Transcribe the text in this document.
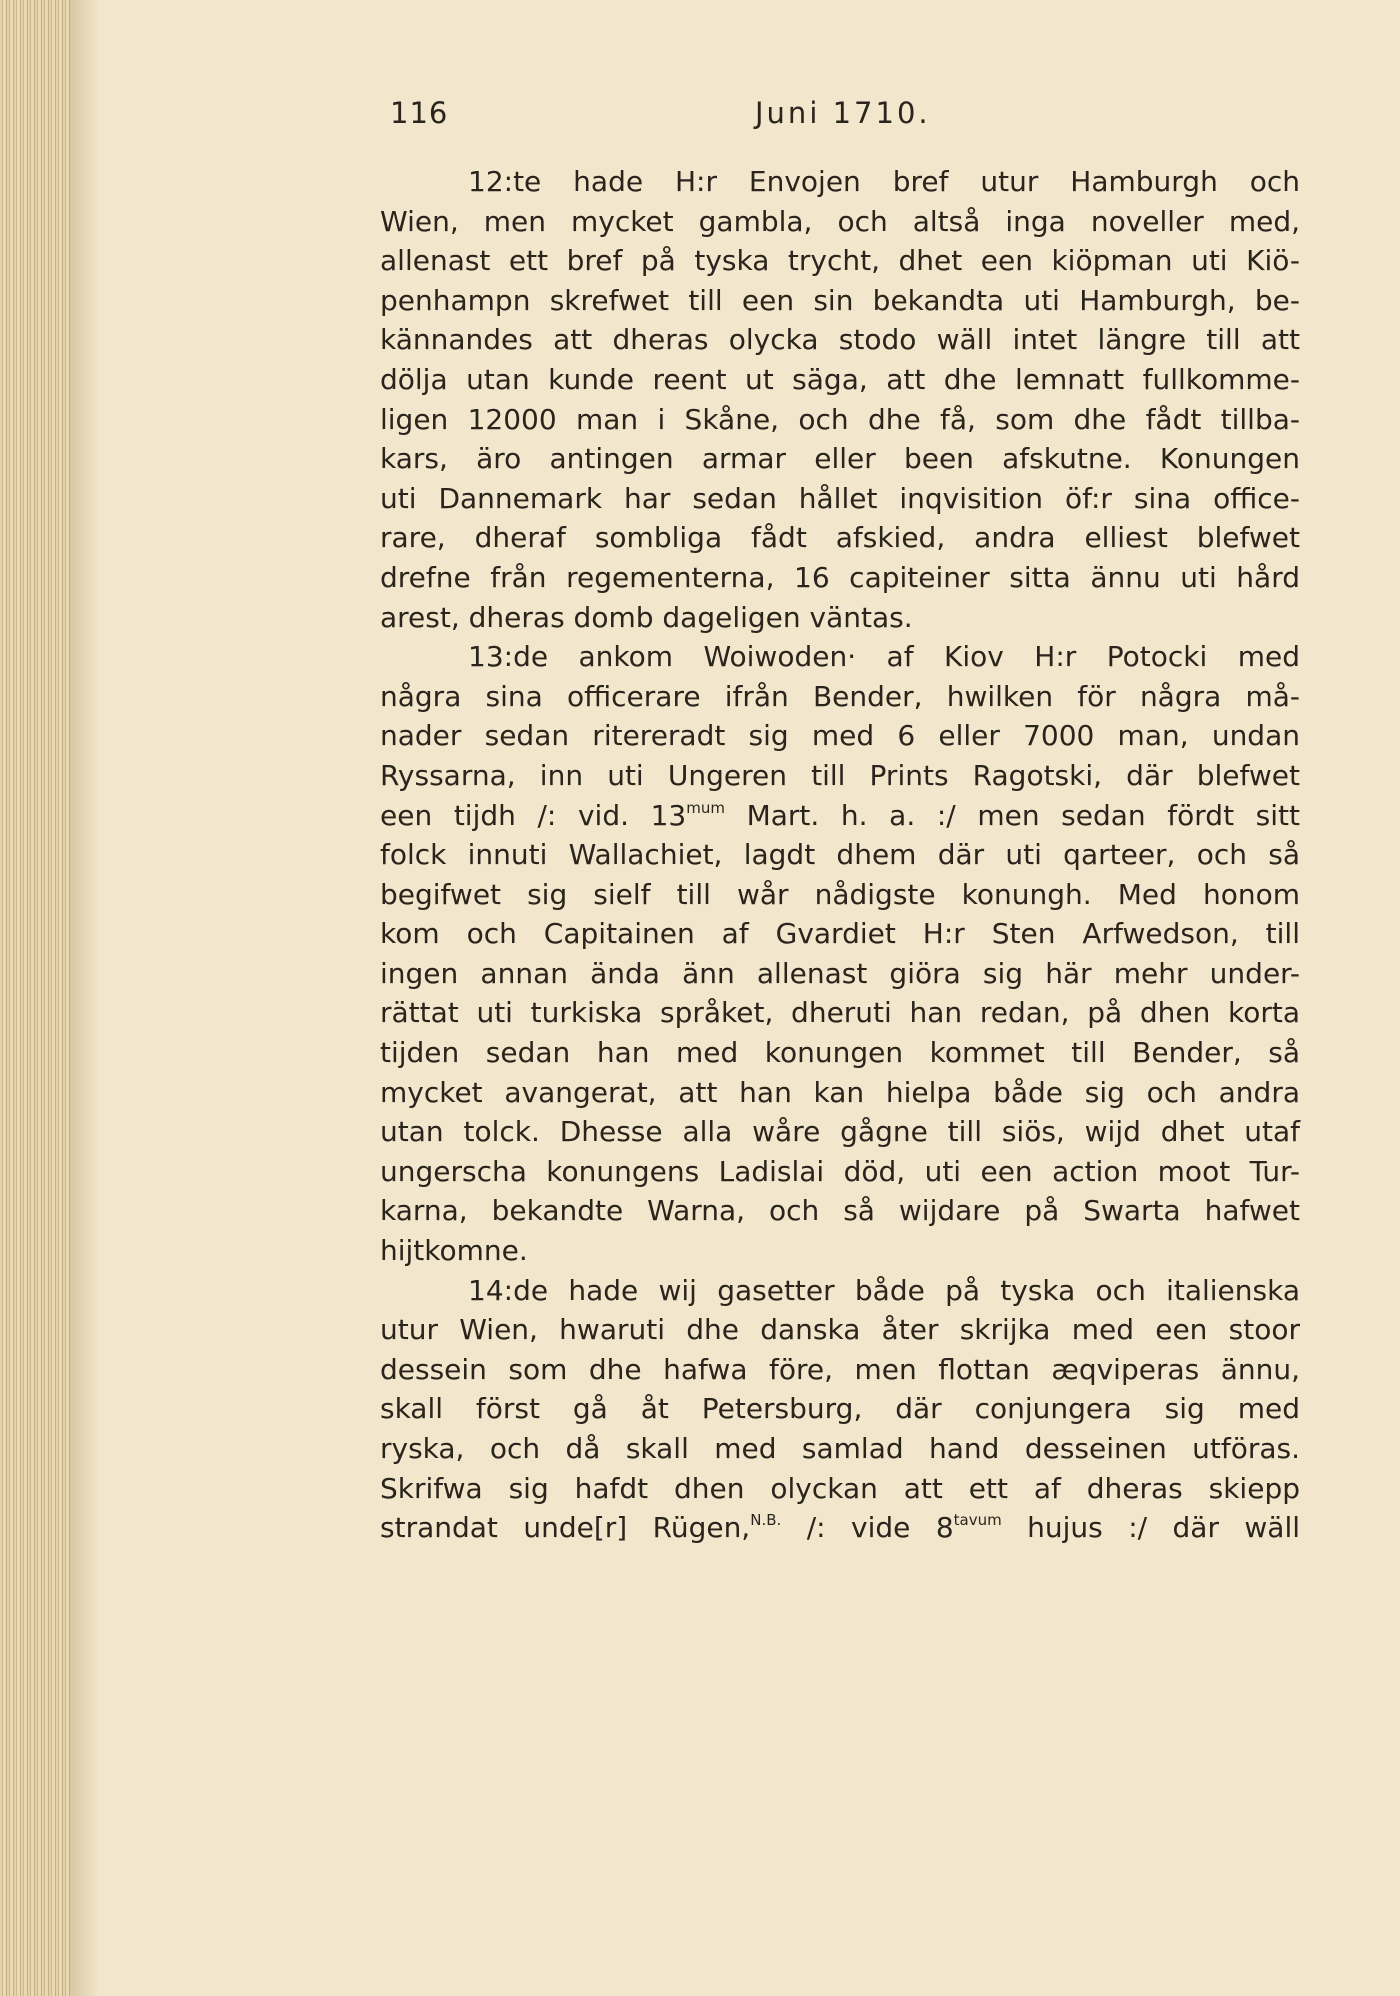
116	Juni 1710.
12:te hade H:r Envojen bref utur Hamburgh och
Wien, men mycket gambla, och altså inga noveller med,
allenast ett bref på tyska trycht, dhet een kiöpman uti Kiö-
penhampn skrefwet till een sin bekandta uti Hamburgh, be-
kännandes att dheras olycka stodo wäll intet längre till att
dölja utan kunde reent ut säga, att dhe lemnatt fullkomme-
ligen 12000 man i Skåne, och dhe få, som dhe fådt tillba-
kars, äro antingen armar eller been afskutne. Konungen
uti Dannemark har sedan hållet inqvisition öf:r sina office-
rare, dheraf sombliga fådt afskied, andra elliest blefwet
drefne från regementerna, 16 capiteiner sitta ännu uti hård
arest, dheras domb dageligen väntas.
13:de ankom Woiwoden· af Kiov H:r Potocki med
några sina officerare ifrån Bender, hwilken för några må-
nader sedan ritereradt sig med 6 eller 7000 man, undan
Ryssarna, inn uti Ungeren till Prints Ragotski, där blefwet
een tijdh /: vid. $13^{mum}$ Mart. h. a. :/ men sedan fördt sitt
folck innuti Wallachiet, lagdt dhem där uti qarteer, och så
begifwet sig sielf till wår nådigste konungh. Med honom
kom och Capitainen af Gvardiet H:r Sten Arfwedson, till
ingen annan ända änn allenast giöra sig här mehr under-
rättat uti turkiska språket, dheruti han redan, på dhen korta
tijden sedan han med konungen kommet till Bender, så
mycket avangerat, att han kan hielpa både sig och andra
utan tolck. Dhesse alla wåre gågne till siös, wijd dhet utaf
ungerscha konungens Ladislai död, uti een action moot Tur-
karna, bekandte Warna, och så wijdare på Swarta hafwet
hijtkomne.
14:de hade wij gasetter både på tyska och italienska
utur Wien, hwaruti dhe danska åter skrijka med een stoor
dessein som dhe hafwa före, men flottan æqviperas ännu,
skall först gå åt Petersburg, där conjungera sig med
ryska, och då skall med samlad hand desseinen utföras.
Skrifwa sig hafdt dhen olyckan att ett af dheras skiepp
strandat unde[r] Rügen,$^{N.B.}$ /: vide $8^{tavum}$ hujus :/ där wäll
